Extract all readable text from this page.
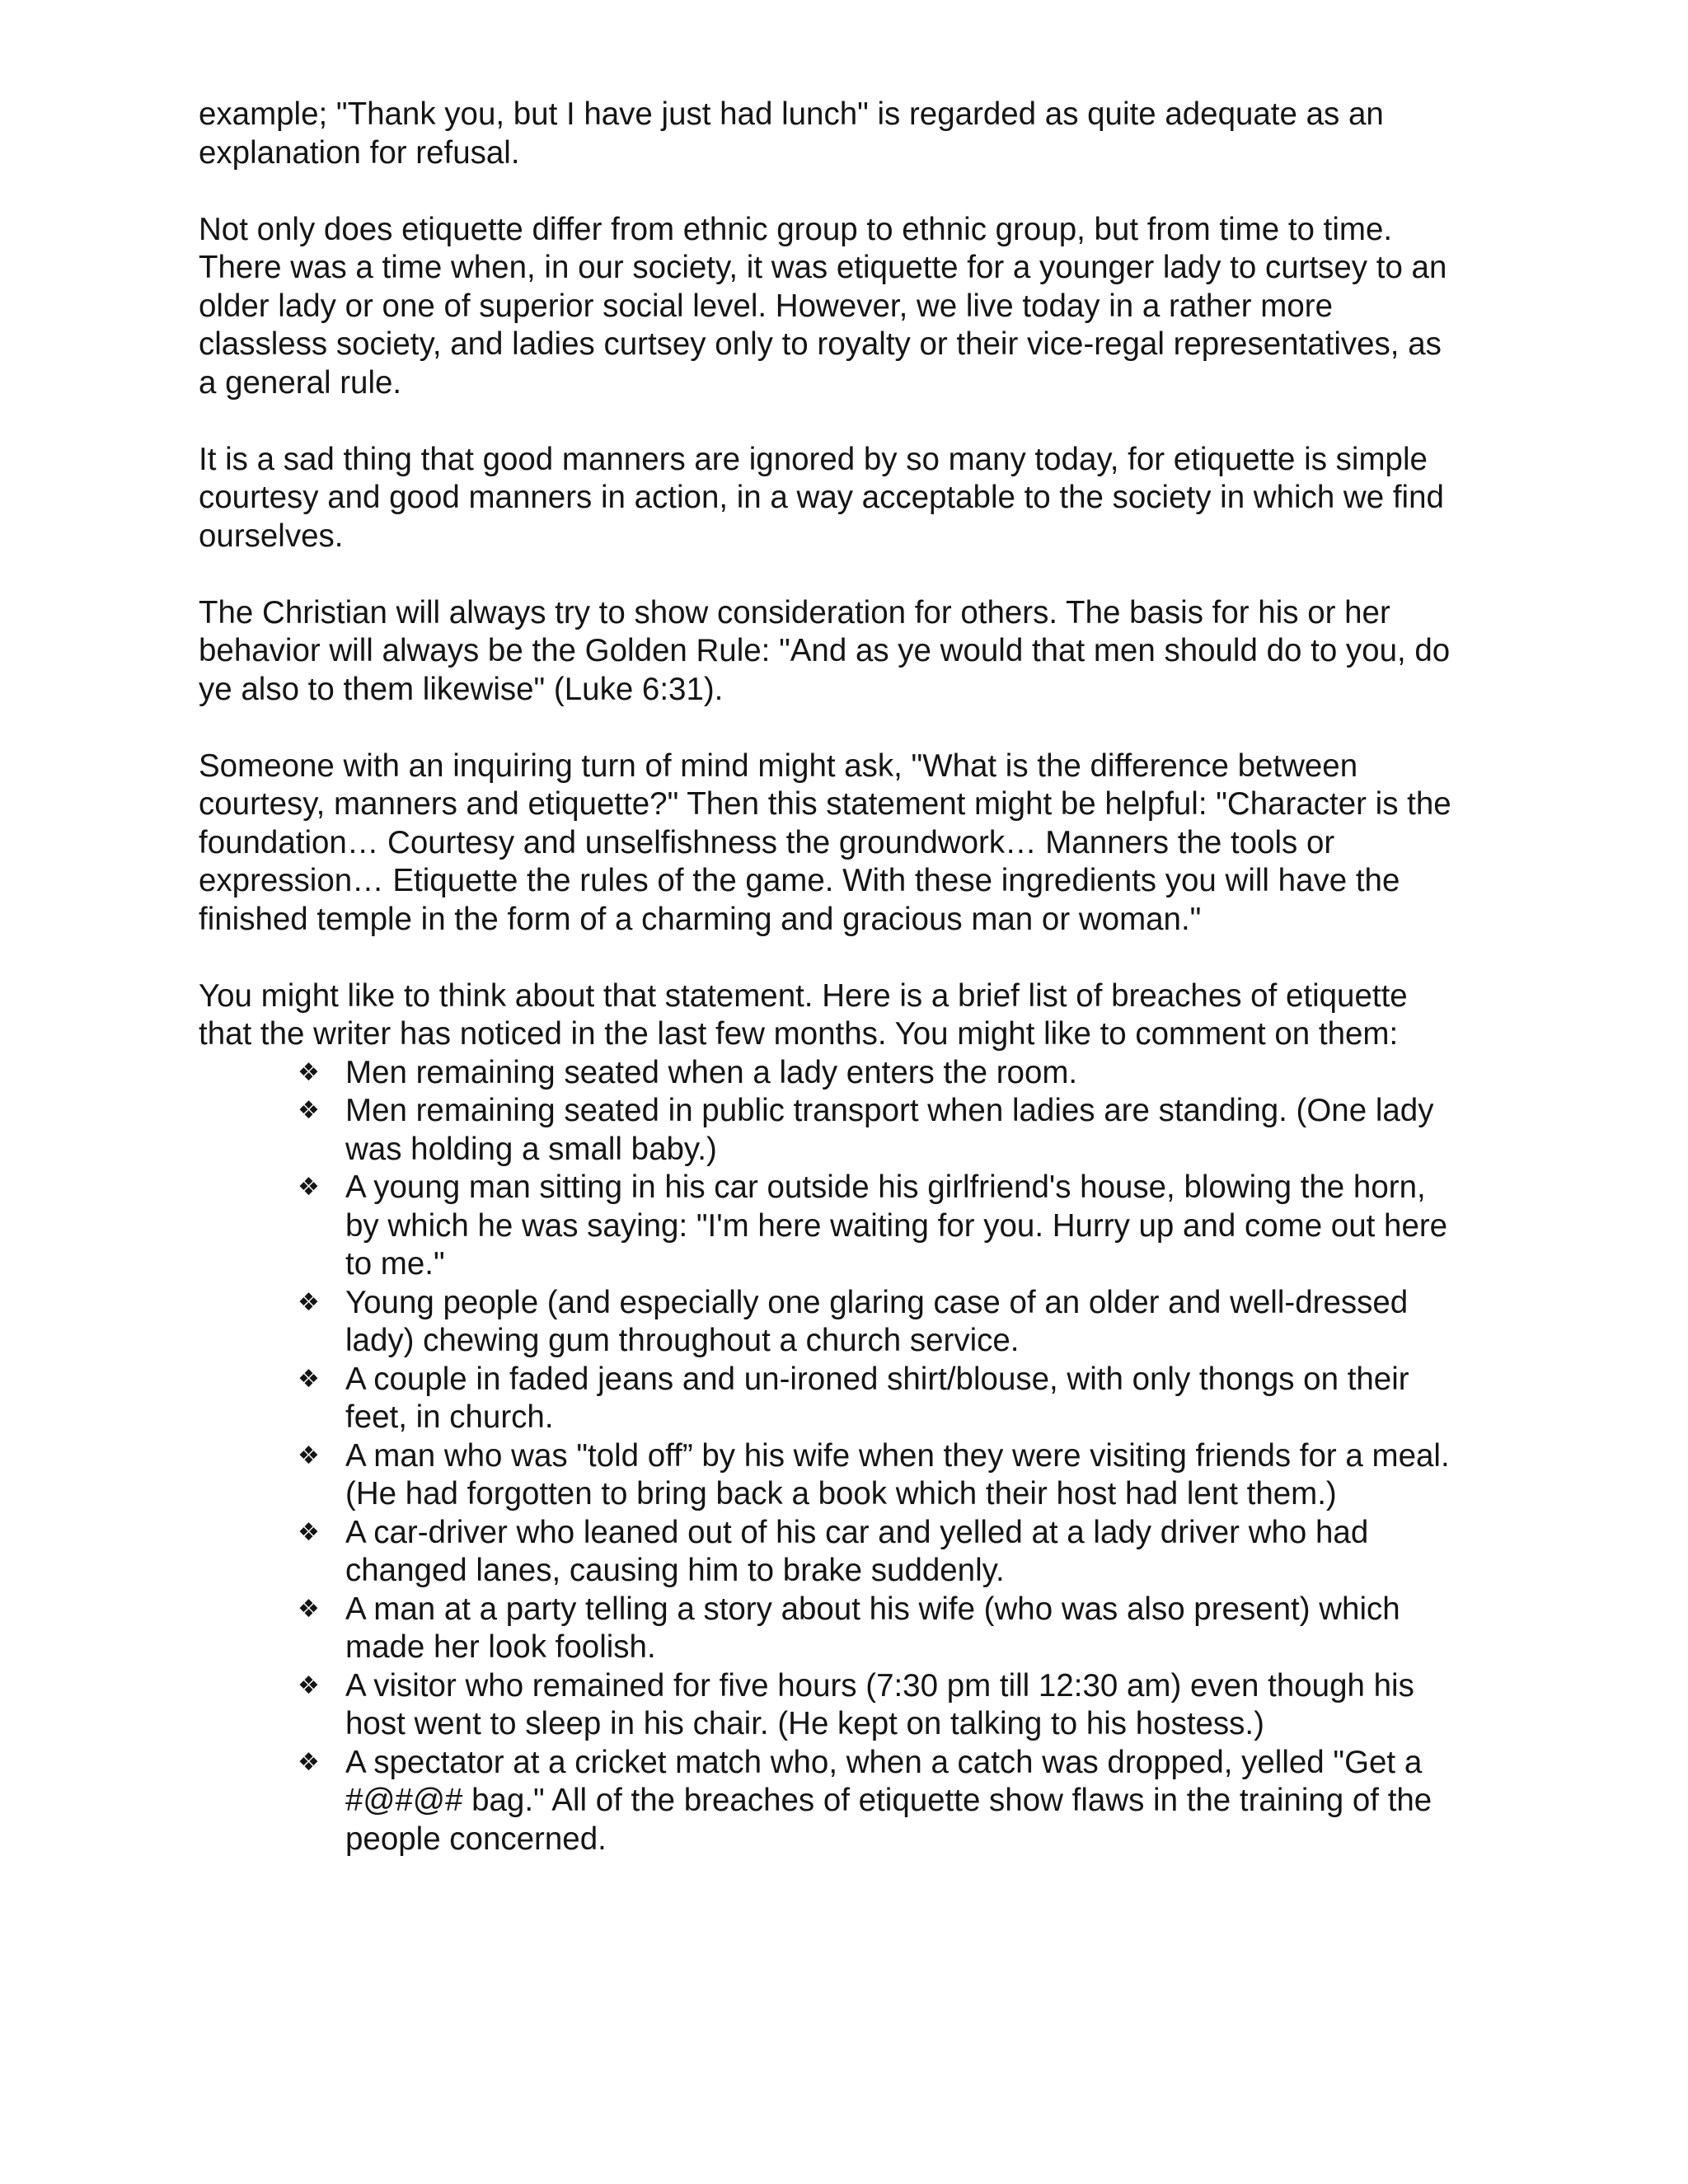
example; "Thank you, but I have just had lunch" is regarded as quite adequate as an explanation for refusal.

Not only does etiquette differ from ethnic group to ethnic group, but from time to time. There was a time when, in our society, it was etiquette for a younger lady to curtsey to an older lady or one of superior social level. However, we live today in a rather more classless society, and ladies curtsey only to royalty or their vice-regal representatives, as a general rule.

It is a sad thing that good manners are ignored by so many today, for etiquette is simple courtesy and good manners in action, in a way acceptable to the society in which we find ourselves.

The Christian will always try to show consideration for others. The basis for his or her behavior will always be the Golden Rule: "And as ye would that men should do to you, do ye also to them likewise" (Luke 6:31).

Someone with an inquiring turn of mind might ask, "What is the difference between courtesy, manners and etiquette?" Then this statement might be helpful: "Character is the foundation… Courtesy and unselfishness the groundwork… Manners the tools or expression… Etiquette the rules of the game. With these ingredients you will have the finished temple in the form of a charming and gracious man or woman."

You might like to think about that statement. Here is a brief list of breaches of etiquette that the writer has noticed in the last few months. You might like to comment on them:

❖ Men remaining seated when a lady enters the room.
❖ Men remaining seated in public transport when ladies are standing. (One lady was holding a small baby.)
❖ A young man sitting in his car outside his girlfriend's house, blowing the horn, by which he was saying: "I'm here waiting for you. Hurry up and come out here to me."
❖ Young people (and especially one glaring case of an older and well-dressed lady) chewing gum throughout a church service.
❖ A couple in faded jeans and un-ironed shirt/blouse, with only thongs on their feet, in church.
❖ A man who was "told off” by his wife when they were visiting friends for a meal. (He had forgotten to bring back a book which their host had lent them.)
❖ A car-driver who leaned out of his car and yelled at a lady driver who had changed lanes, causing him to brake suddenly.
❖ A man at a party telling a story about his wife (who was also present) which made her look foolish.
❖ A visitor who remained for five hours (7:30 pm till 12:30 am) even though his host went to sleep in his chair. (He kept on talking to his hostess.)
❖ A spectator at a cricket match who, when a catch was dropped, yelled "Get a #@#@# bag." All of the breaches of etiquette show flaws in the training of the people concerned.
